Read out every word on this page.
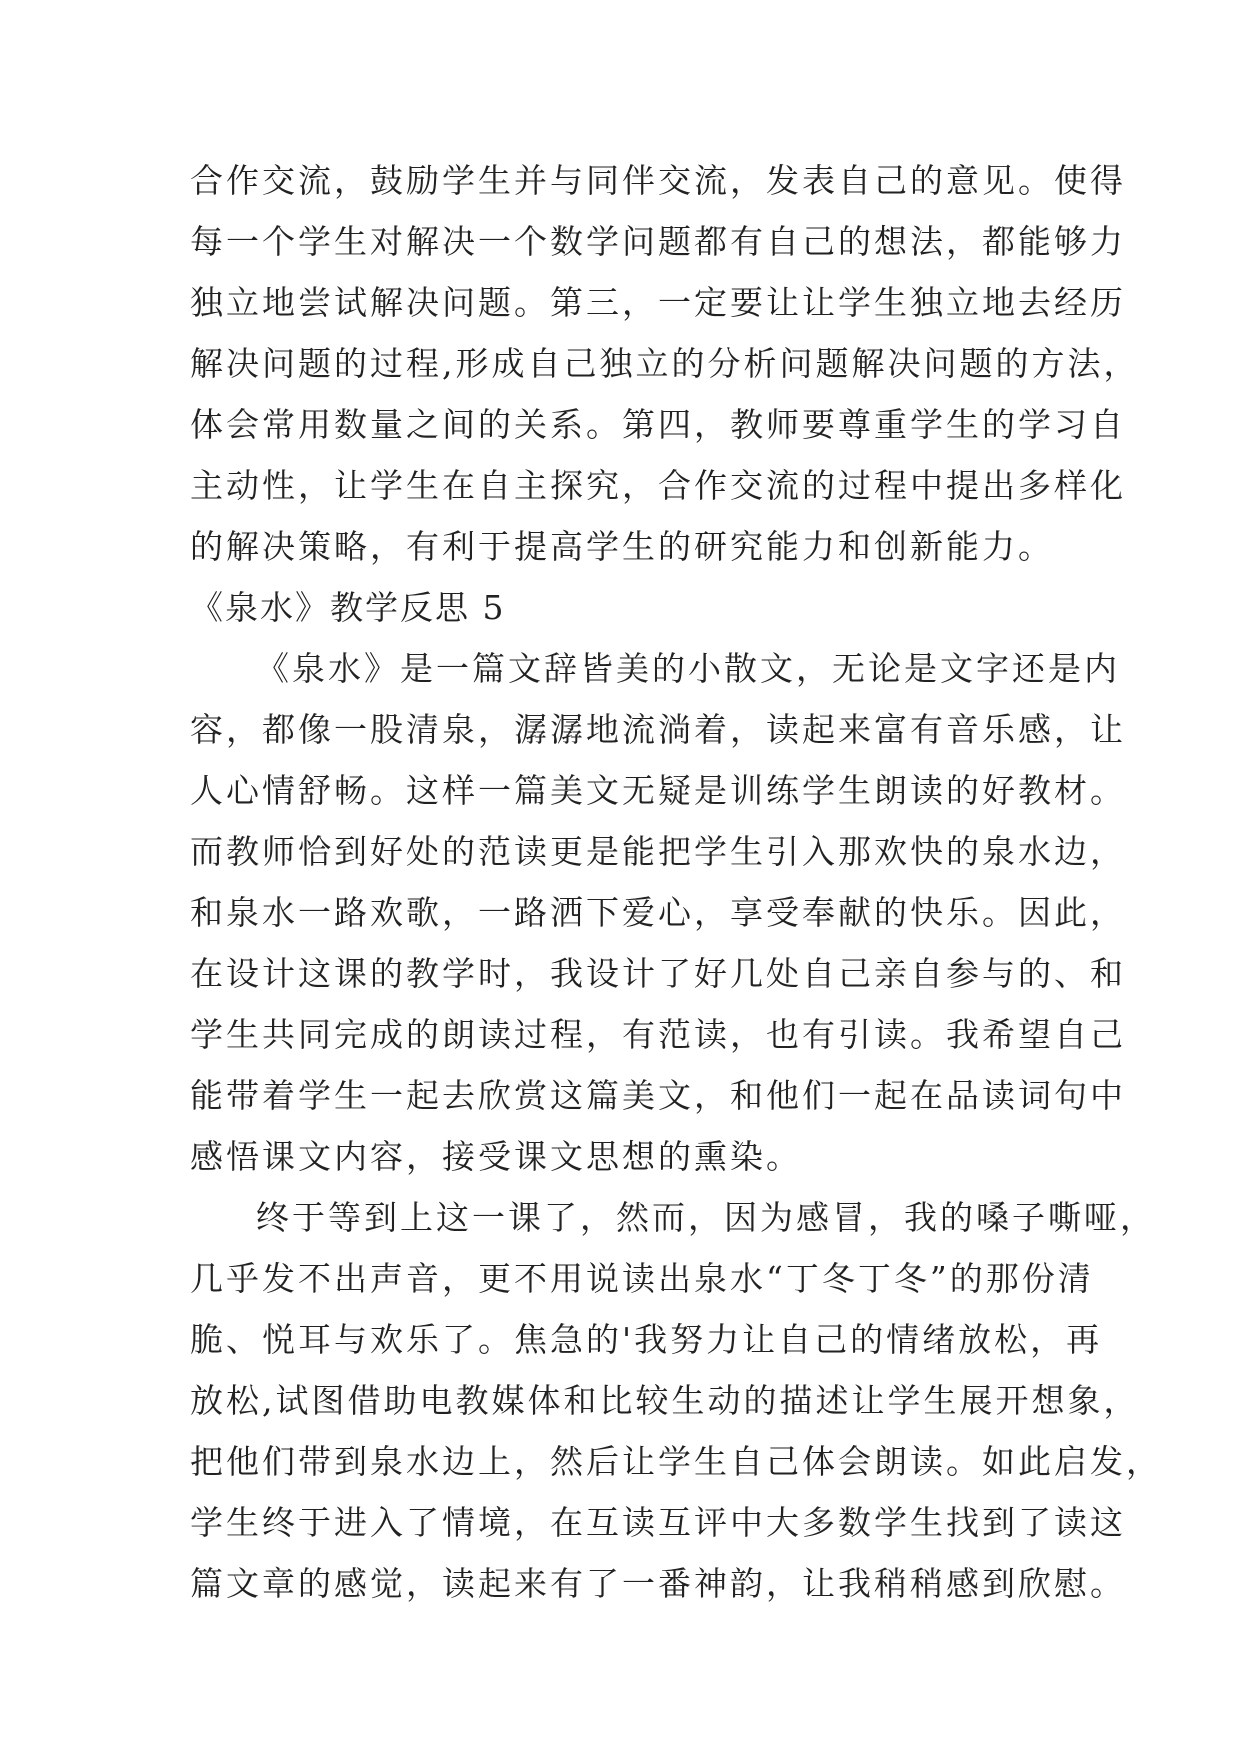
合作交流，鼓励学生并与同伴交流，发表自己的意见。使得
每一个学生对解决一个数学问题都有自己的想法，都能够力
独立地尝试解决问题。第三，一定要让让学生独立地去经历
解决问题的过程,形成自己独立的分析问题解决问题的方法，
体会常用数量之间的关系。第四，教师要尊重学生的学习自
主动性，让学生在自主探究，合作交流的过程中提出多样化
的解决策略，有利于提高学生的研究能力和创新能力。
《泉水》教学反思 5
《泉水》是一篇文辞皆美的小散文，无论是文字还是内
容，都像一股清泉，潺潺地流淌着，读起来富有音乐感，让
人心情舒畅。这样一篇美文无疑是训练学生朗读的好教材。
而教师恰到好处的范读更是能把学生引入那欢快的泉水边，
和泉水一路欢歌，一路洒下爱心，享受奉献的快乐。因此，
在设计这课的教学时，我设计了好几处自己亲自参与的、和
学生共同完成的朗读过程，有范读，也有引读。我希望自己
能带着学生一起去欣赏这篇美文，和他们一起在品读词句中
感悟课文内容，接受课文思想的熏染。
终于等到上这一课了，然而，因为感冒，我的嗓子嘶哑，
几乎发不出声音，更不用说读出泉水“丁冬丁冬”的那份清
脆、悦耳与欢乐了。焦急的'我努力让自己的情绪放松，再
放松,试图借助电教媒体和比较生动的描述让学生展开想象，
把他们带到泉水边上，然后让学生自己体会朗读。如此启发，
学生终于进入了情境，在互读互评中大多数学生找到了读这
篇文章的感觉，读起来有了一番神韵，让我稍稍感到欣慰。
